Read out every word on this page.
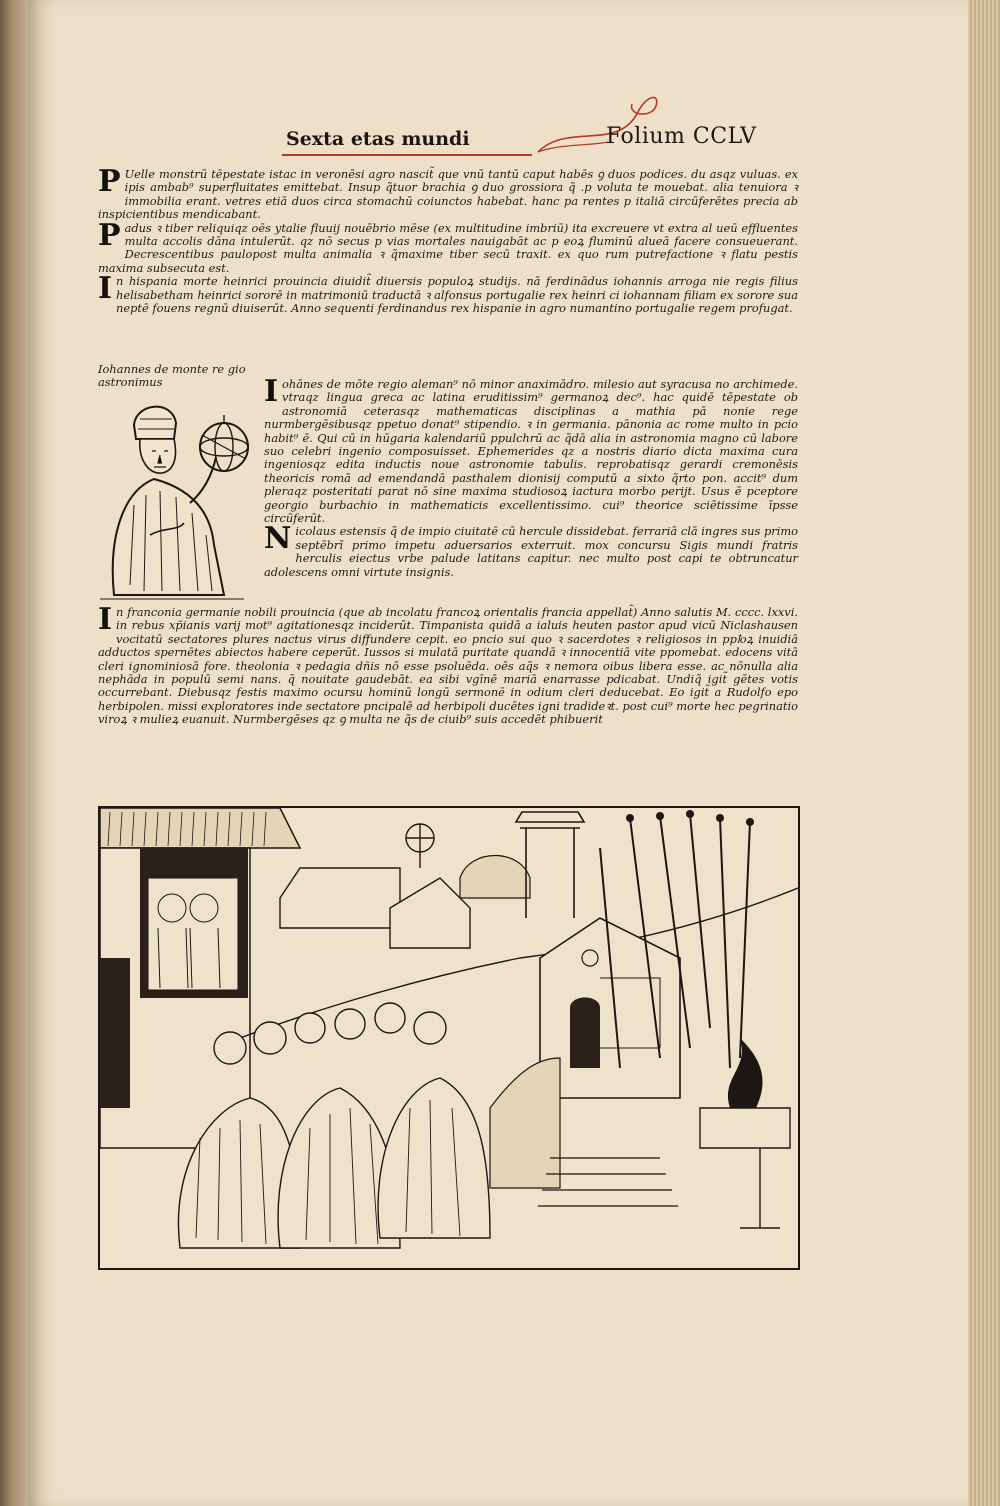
Sexta etas mundi	Folium CCLV

P Uelle monstrū tēpestate istac in veronēsi agro nascit̃ que vnū tantū caput habēs ꝯ duos podices. du asqz vuluas. ex ipis ambab⁹ superfluitates emittebat. Insup q̃tuor brachia ꝯ duo grossiora q̃ .p voluta te mouebat. alia tenuiora ꝛ immobilia erant. vetres etiā duos circa stomachū coiunctos habebat. hanc pa rentes p italiā circūferētes precia ab inspicientibus mendicabant.

P adus ꝛ tiber reliquiqz oēs ytalie fluuij nouēbrio mēse (ex multitudine imbriū) ita excreuere vt extra al ueū effluentes multa accolis dāna intulerūt. qz nō secus p vias mortales nauigabāt ac p eoꝝ fluminū alueā facere consueuerant. Decrescentibus paulopost multa animalia ꝛ q̃maxime tiber secū traxit. ex quo rum putrefactione ꝛ flatu pestis maxima subsecuta est.

I n hispania morte heinrici prouincia diuidit̃ diuersis populoꝝ studijs. nā ferdinādus iohannis arroga nie regis filius helisabetham heinrici sororē in matrimoniū traductā ꝛ alfonsus portugalie rex heinri ci iohannam filiam ex sorore sua neptē fouens regnū diuiserūt. Anno sequenti ferdinandus rex hispanie in agro numantino portugalie regem profugat.

Iohannes de monte re gio astronimus	I ohānes de mōte regio aleman⁹ nō minor anaximādro. milesio aut syracusa no archimede. vtraqz lingua greca ac latina eruditissim⁹ germanoꝝ dec⁹. hac quidē tēpestate ob astronomiā ceterasqz mathematicas disciplinas a mathia pā nonie rege nurmbergēsibusqz ppetuo donat⁹ stipendio. ꝛ in germania. pānonia ac rome multo in pcio habit⁹ ē. Qui cū in hūgaria kalendariū ppulchrū ac q̃dā alia in astronomia magno cū labore suo celebri ingenio composuisset. Ephemerides qz a nostris diario dicta maxima cura ingeniosqz edita inductis noue astronomie tabulis. reprobatisqz gerardi cremonēsis theoricis romā ad emendandā pasthalem dionisij computū a sixto q̃rto pon. accit⁹ dum pleraqz posteritati parat nō sine maxima studiosoꝝ iactura morbo perijt. Usus ē pceptore georgio burbachio in mathematicis excellentissimo. cui⁹ theorice sciētissime īpsse circūferūt.

N icolaus estensis q̃ de impio ciuitatē cū hercule dissidebat. ferrariā clā ingres sus primo septēbrī primo impetu aduersarios exterruit. mox concursu Sigis mundi fratris herculis eiectus vrbe palude latitans capitur. nec multo post capi te obtruncatur adolescens omni virtute insignis.

I n franconia germanie nobili prouincia (que ab incolatu francoꝝ orientalis francia appellat̃) Anno salutis M. cccc. lxxvi. in rebus xp̄ianis varij mot⁹ agitationesqz inciderūt. Timpanista quidā a ialuis heuten pastor apud vicū Niclashausen vocitatū sectatores plures nactus virus diffundere cepit. eo pncio sui quo ꝛ sacerdotes ꝛ religiosos in ppꝉoꝝ inuidiā adductos spernētes abiectos habere ceperūt. Iussos si mulatā puritate quandā ꝛ innocentiā vite ppomebat. edocens vitā cleri ignominiosā fore. theolonia ꝛ pedagia dñis nō esse psoluēda. oēs aq̃s ꝛ nemora oibus libera esse. ac nōnulla alia nephāda in populū semi nans. q̃ nouitate gaudebāt. ea sibi vgīnē mariā enarrasse pdicabat. Undiq̃ igit̃ gētes votis occurrebant. Diebusqz festis maximo ocursu hominū longū sermonē in odium cleri deducebat. Eo igit̃ a Rudolfo epo herbipolen. missi exploratores inde sectatore pncipalē ad herbipoli ducētes igni tradideꝛt. post cui⁹ morte hec pegrinatio viroꝝ ꝛ mulieꝝ euanuit. Nurmbergēses qz ꝯ multa ne q̃s de ciuib⁹ suis accedēt phibuerit
